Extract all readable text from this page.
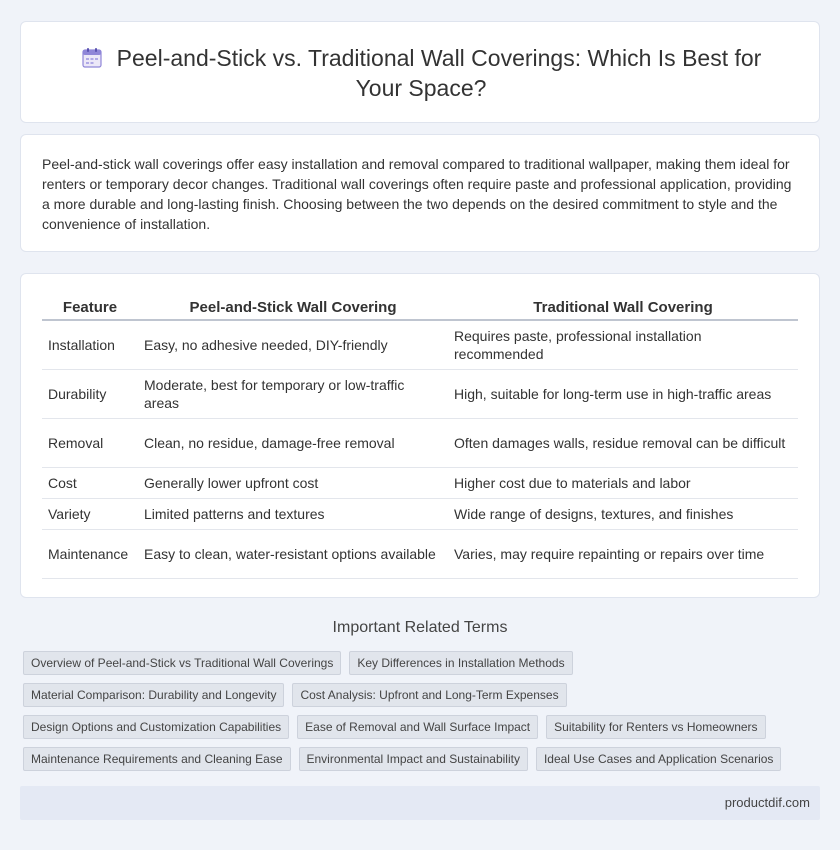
Peel-and-Stick vs. Traditional Wall Coverings: Which Is Best for Your Space?

Peel-and-stick wall coverings offer easy installation and removal compared to traditional wallpaper, making them ideal for renters or temporary decor changes. Traditional wall coverings often require paste and professional application, providing a more durable and long-lasting finish. Choosing between the two depends on the desired commitment to style and the convenience of installation.

Feature	Peel-and-Stick Wall Covering	Traditional Wall Covering
Installation	Easy, no adhesive needed, DIY-friendly	Requires paste, professional installation recommended
Durability	Moderate, best for temporary or low-traffic areas	High, suitable for long-term use in high-traffic areas
Removal	Clean, no residue, damage-free removal	Often damages walls, residue removal can be difficult
Cost	Generally lower upfront cost	Higher cost due to materials and labor
Variety	Limited patterns and textures	Wide range of designs, textures, and finishes
Maintenance	Easy to clean, water-resistant options available	Varies, may require repainting or repairs over time
Important Related Terms
Overview of Peel-and-Stick vs Traditional Wall Coverings	Key Differences in Installation Methods
Material Comparison: Durability and Longevity	Cost Analysis: Upfront and Long-Term Expenses
Design Options and Customization Capabilities	Ease of Removal and Wall Surface Impact	Suitability for Renters vs Homeowners
Maintenance Requirements and Cleaning Ease	Environmental Impact and Sustainability	Ideal Use Cases and Application Scenarios
productdif.com
